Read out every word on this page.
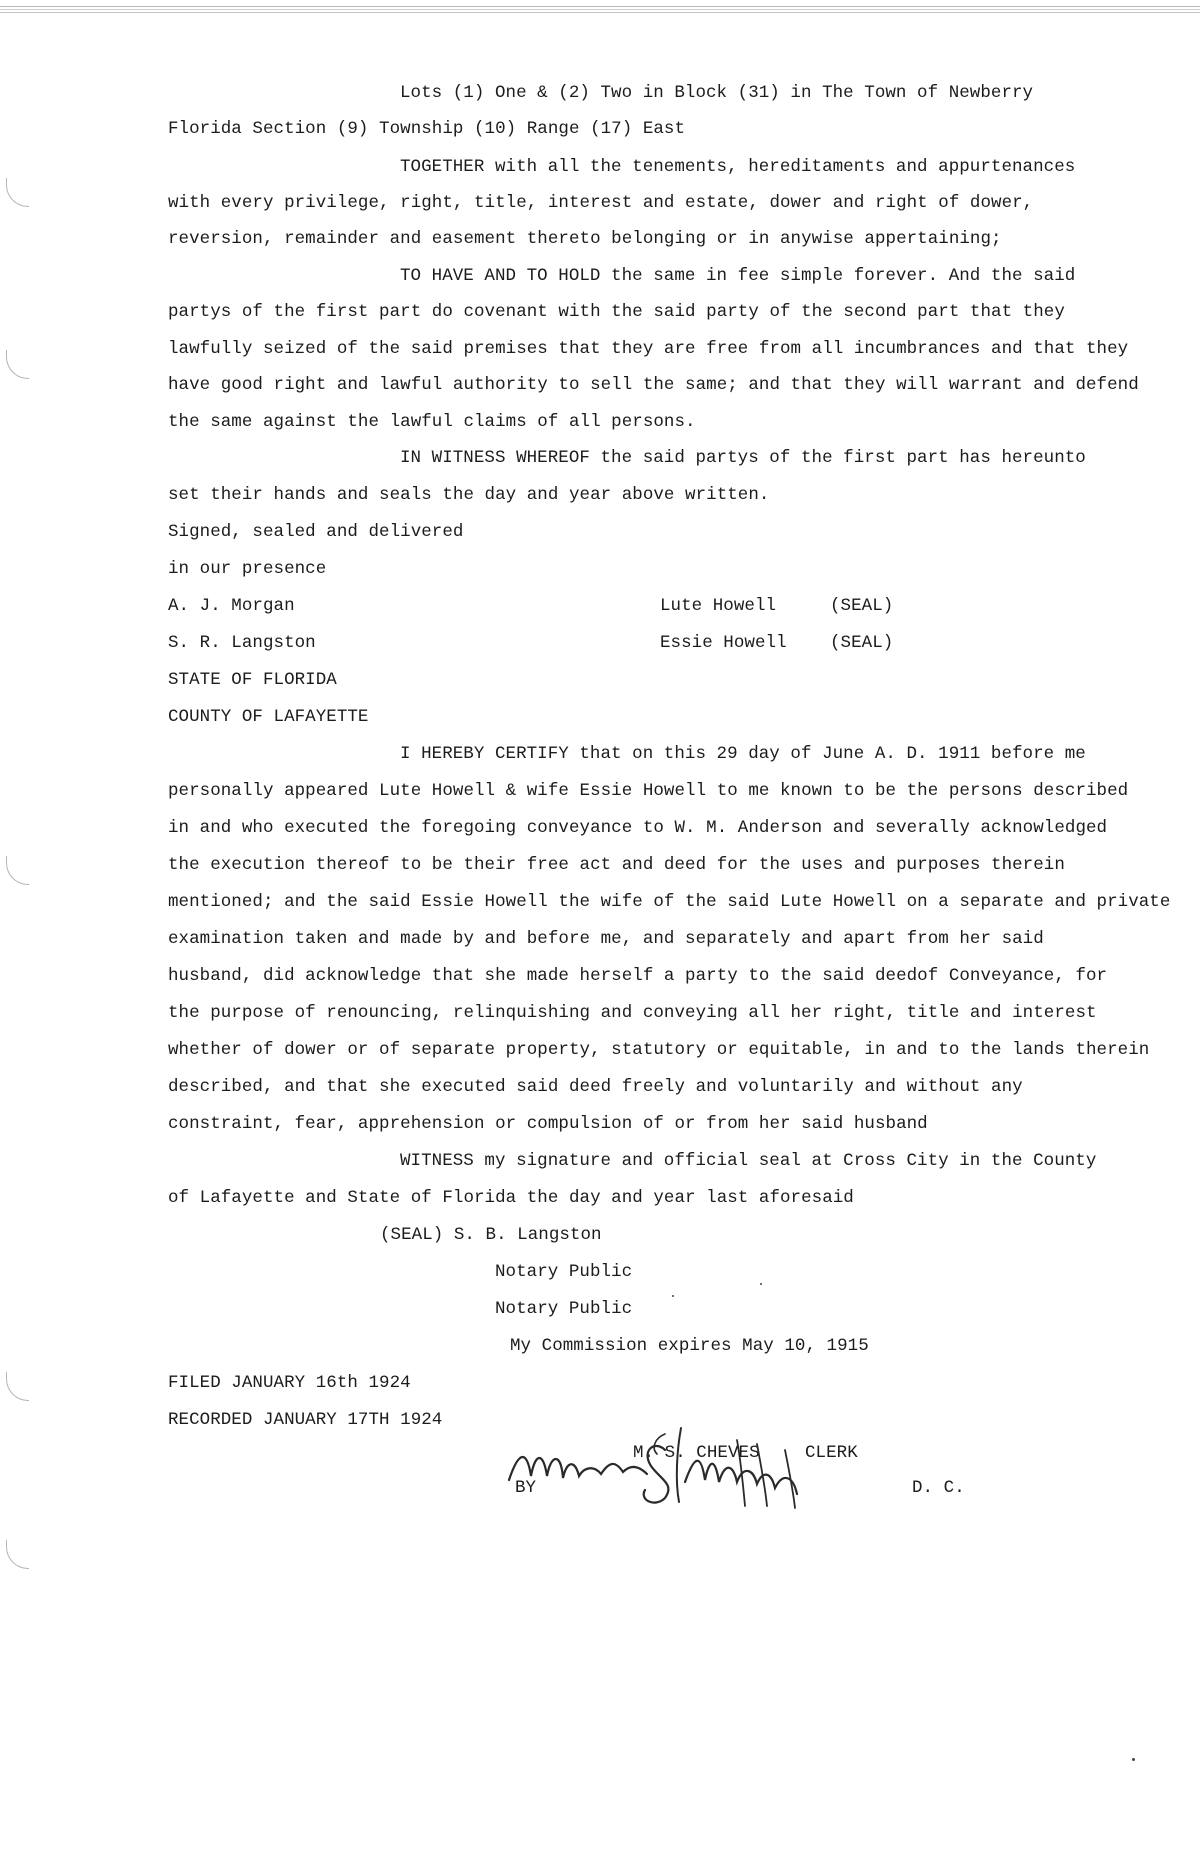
Lots (1) One & (2) Two in Block (31) in The Town of Newberry
Florida Section (9) Township (10) Range (17) East
TOGETHER with all the tenements, hereditaments and appurtenances
with every privilege, right, title, interest and estate, dower and right of dower,
reversion, remainder and easement thereto belonging or in anywise appertaining;
TO HAVE AND TO HOLD the same in fee simple forever. And the said
partys of the first part do covenant with the said party of the second part that they
lawfully seized of the said premises that they are free from all incumbrances and that they
have good right and lawful authority to sell the same; and that they will warrant and defend
the same against the lawful claims of all persons.
IN WITNESS WHEREOF the said partys of the first part has hereunto
set their hands and seals the day and year above written.
Signed, sealed and delivered
in our presence
A. J. Morgan	Lute Howell	(SEAL)
S. R. Langston	Essie Howell (SEAL)
STATE OF FLORIDA
COUNTY OF LAFAYETTE
I HEREBY CERTIFY that on this 29 day of June A. D. 1911 before me
personally appeared Lute Howell & wife Essie Howell to me known to be the persons described
in and who executed the foregoing conveyance to W. M. Anderson and severally acknowledged
the execution thereof to be their free act and deed for the uses and purposes therein
mentioned; and the said Essie Howell the wife of the said Lute Howell on a separate and private
examination taken and made by and before me, and separately and apart from her said
husband, did acknowledge that she made herself a party to the said deedof Conveyance, for
the purpose of renouncing, relinquishing and conveying all her right, title and interest
whether of dower or of separate property, statutory or equitable, in and to the lands therein
described, and that she executed said deed freely and voluntarily and without any
constraint, fear, apprehension or compulsion of or from her said husband
WITNESS my signature and official seal at Cross City in the County
of Lafayette and State of Florida the day and year last aforesaid
(SEAL) S. B. Langston
Notary Public
Notary Public
My Commission expires May 10, 1915
FILED JANUARY 16th 1924
RECORDED JANUARY 17TH 1924
M. S. CHEVES	CLERK
BY	D. C.
